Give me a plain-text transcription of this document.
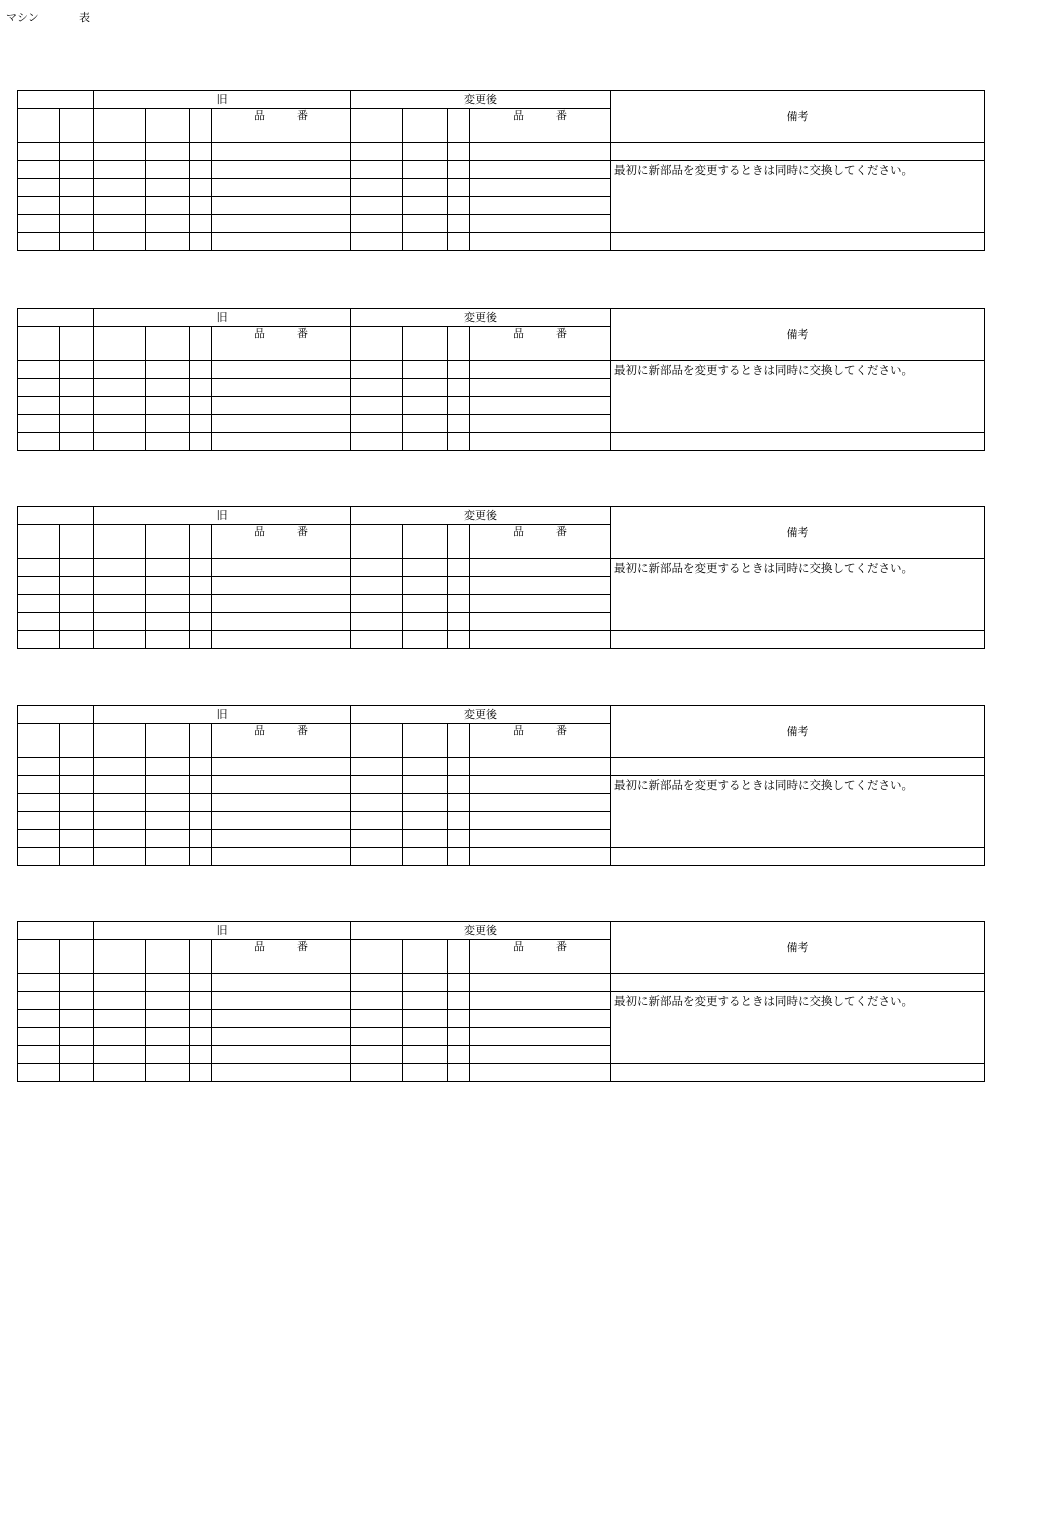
マシン	表
		旧				変更後				備考
					品 番				品 番	

										最初に新部品を変更するときは同時に交換してください。

		旧				変更後				備考
					品 番				品 番	
										最初に新部品を変更するときは同時に交換してください。

		旧				変更後				備考
					品 番				品 番	
										最初に新部品を変更するときは同時に交換してください。

		旧				変更後				備考
					品 番				品 番	

										最初に新部品を変更するときは同時に交換してください。

		旧				変更後				備考
					品 番				品 番	

										最初に新部品を変更するときは同時に交換してください。
